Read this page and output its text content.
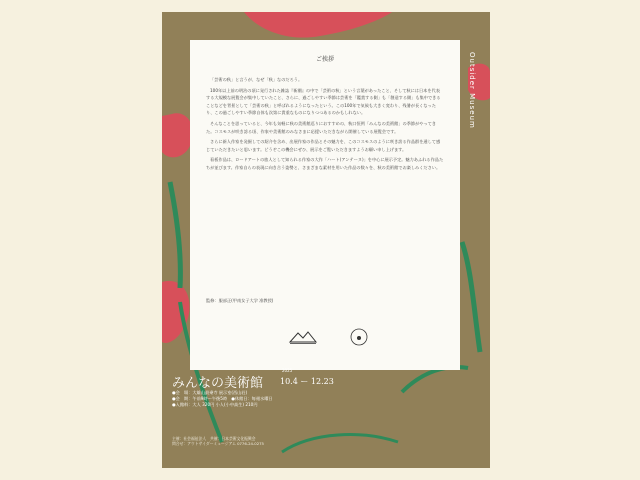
Outsider Museum
ご挨拶

「芸術の秋」と言うが、なぜ「秋」なのだろう。

100年以上前の明治の頃に発行された雑誌『新潮』の中で「芸術の秋」という言葉があったこと、そして秋には日本を代表する大規模な展覧会が集中していたこと、さらに、過ごしやすい季節は芸術を「鑑賞する側」も「創造する側」も集中できることなどを背景として「芸術の秋」と呼ばれるようになったという。この100年で気候も大きく変わり、残暑が長くなったり、この過ごしやすい季節自体も次第に貴重なものになりつつあるのかもしれない。

そんなことを思っていると、今年も気軽に秋の美術館巡りにおすすめの、秋口恒例「みんなの美術館」の季節がやってきた。コスモスが咲き誇る頃、作家や美術館のみなさまに応援いただきながら開催している展覧会です。

さらに新人作家を発掘しての紹介を含め、出展作家の作品とその魅力を、このコスモスのように咲き誇る作品群を通して感じていただきたいと思います。どうぞこの機会にぜひ、展示をご覧いただきますようお願い申し上げます。

看板作品は、ロードアートの旅人として知られる作家の大作「ハート(アンテーヌ)」を中心に展示予定。魅力あふれる作品たちが並びます。作家自らの表現に向き合う姿勢と、さまざまな素材を用いた作品の数々を、秋の美術館でお楽しみください。

監修：服部正(甲南女子大学 准教授)
みんなの美術館
2025
10.4 ー 12.23
●会　場：大雄山最乗寺 展示室(西山荘)
●会　期：午前9時〜午後5時　●休館日：毎週水曜日
●入館料：大人 320円 小人(小中高生) 210円
主催：社会福祉法人　共催：日本芸術文化振興会
問合せ：アウトサイダーミュージアム 0776-24-0275
